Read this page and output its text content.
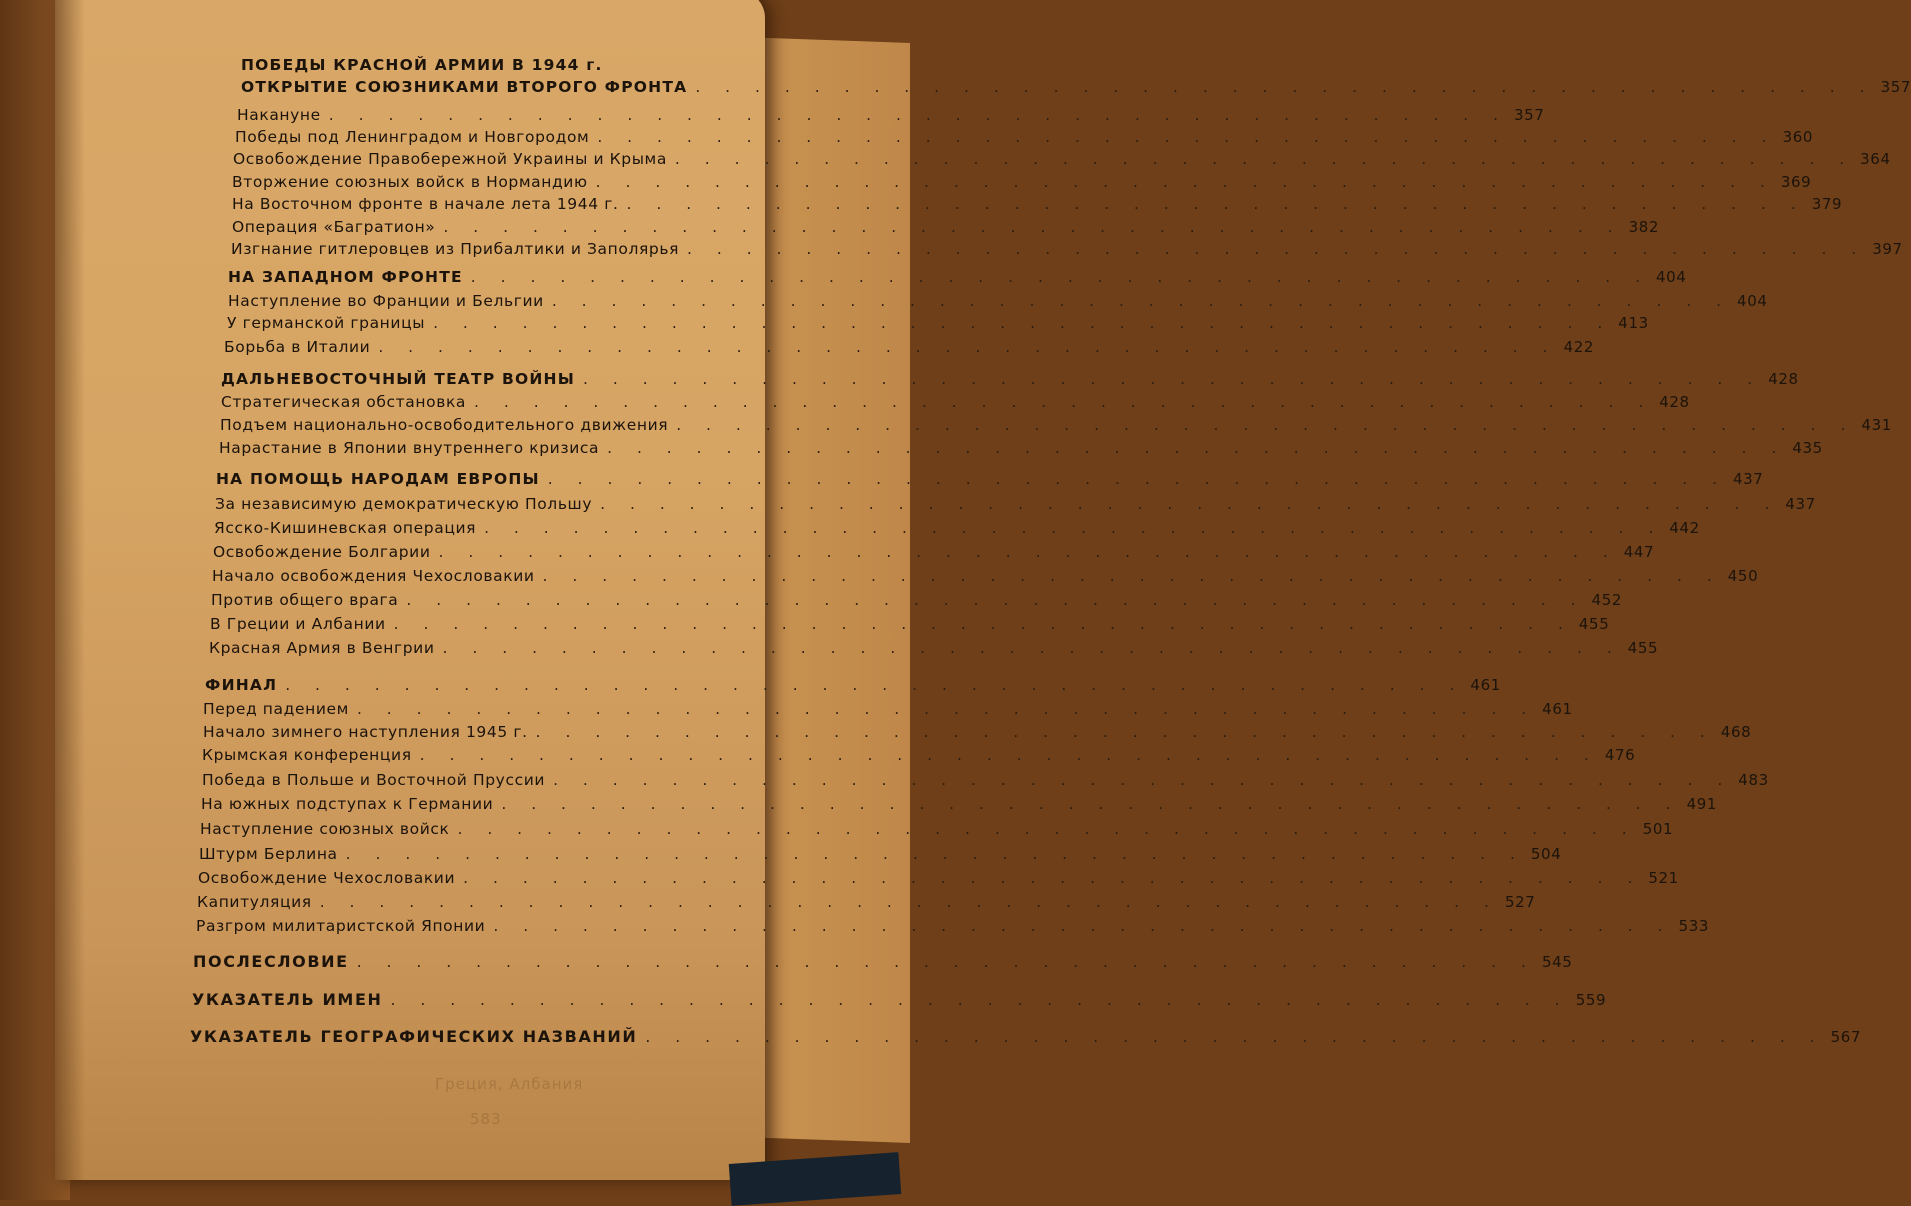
Греция, Албания
583
ПОБЕДЫ КРАСНОЙ АРМИИ В 1944 г.
ОТКРЫТИЕ СОЮЗНИКАМИ ВТОРОГО ФРОНТА . . . . . . . . . . . . . . . . . . . . . . . . . . . . . . . . . . . . . . . . 357
Накануне . . . . . . . . . . . . . . . . . . . . . . . . . . . . . . . . . . . . . . . . 357
Победы под Ленинградом и Новгородом . . . . . . . . . . . . . . . . . . . . . . . . . . . . . . . . . . . . . . . . 360
Освобождение Правобережной Украины и Крыма . . . . . . . . . . . . . . . . . . . . . . . . . . . . . . . . . . . . . . . . 364
Вторжение союзных войск в Нормандию . . . . . . . . . . . . . . . . . . . . . . . . . . . . . . . . . . . . . . . . 369
На Восточном фронте в начале лета 1944 г. . . . . . . . . . . . . . . . . . . . . . . . . . . . . . . . . . . . . . . . . 379
Операция «Багратион» . . . . . . . . . . . . . . . . . . . . . . . . . . . . . . . . . . . . . . . . 382
Изгнание гитлеровцев из Прибалтики и Заполярья . . . . . . . . . . . . . . . . . . . . . . . . . . . . . . . . . . . . . . . . 397
НА ЗАПАДНОМ ФРОНТЕ . . . . . . . . . . . . . . . . . . . . . . . . . . . . . . . . . . . . . . . . 404
Наступление во Франции и Бельгии . . . . . . . . . . . . . . . . . . . . . . . . . . . . . . . . . . . . . . . . 404
У германской границы . . . . . . . . . . . . . . . . . . . . . . . . . . . . . . . . . . . . . . . . 413
Борьба в Италии . . . . . . . . . . . . . . . . . . . . . . . . . . . . . . . . . . . . . . . . 422
ДАЛЬНЕВОСТОЧНЫЙ ТЕАТР ВОЙНЫ . . . . . . . . . . . . . . . . . . . . . . . . . . . . . . . . . . . . . . . . 428
Стратегическая обстановка . . . . . . . . . . . . . . . . . . . . . . . . . . . . . . . . . . . . . . . . 428
Подъем национально-освободительного движения . . . . . . . . . . . . . . . . . . . . . . . . . . . . . . . . . . . . . . . . 431
Нарастание в Японии внутреннего кризиса . . . . . . . . . . . . . . . . . . . . . . . . . . . . . . . . . . . . . . . . 435
НА ПОМОЩЬ НАРОДАМ ЕВРОПЫ . . . . . . . . . . . . . . . . . . . . . . . . . . . . . . . . . . . . . . . . 437
За независимую демократическую Польшу . . . . . . . . . . . . . . . . . . . . . . . . . . . . . . . . . . . . . . . . 437
Ясско-Кишиневская операция . . . . . . . . . . . . . . . . . . . . . . . . . . . . . . . . . . . . . . . . 442
Освобождение Болгарии . . . . . . . . . . . . . . . . . . . . . . . . . . . . . . . . . . . . . . . . 447
Начало освобождения Чехословакии . . . . . . . . . . . . . . . . . . . . . . . . . . . . . . . . . . . . . . . . 450
Против общего врага . . . . . . . . . . . . . . . . . . . . . . . . . . . . . . . . . . . . . . . . 452
В Греции и Албании . . . . . . . . . . . . . . . . . . . . . . . . . . . . . . . . . . . . . . . . 455
Красная Армия в Венгрии . . . . . . . . . . . . . . . . . . . . . . . . . . . . . . . . . . . . . . . . 455
ФИНАЛ . . . . . . . . . . . . . . . . . . . . . . . . . . . . . . . . . . . . . . . . 461
Перед падением . . . . . . . . . . . . . . . . . . . . . . . . . . . . . . . . . . . . . . . . 461
Начало зимнего наступления 1945 г. . . . . . . . . . . . . . . . . . . . . . . . . . . . . . . . . . . . . . . . . 468
Крымская конференция . . . . . . . . . . . . . . . . . . . . . . . . . . . . . . . . . . . . . . . . 476
Победа в Польше и Восточной Пруссии . . . . . . . . . . . . . . . . . . . . . . . . . . . . . . . . . . . . . . . . 483
На южных подступах к Германии . . . . . . . . . . . . . . . . . . . . . . . . . . . . . . . . . . . . . . . . 491
Наступление союзных войск . . . . . . . . . . . . . . . . . . . . . . . . . . . . . . . . . . . . . . . . 501
Штурм Берлина . . . . . . . . . . . . . . . . . . . . . . . . . . . . . . . . . . . . . . . . 504
Освобождение Чехословакии . . . . . . . . . . . . . . . . . . . . . . . . . . . . . . . . . . . . . . . . 521
Капитуляция . . . . . . . . . . . . . . . . . . . . . . . . . . . . . . . . . . . . . . . . 527
Разгром милитаристской Японии . . . . . . . . . . . . . . . . . . . . . . . . . . . . . . . . . . . . . . . . 533
ПОСЛЕСЛОВИЕ . . . . . . . . . . . . . . . . . . . . . . . . . . . . . . . . . . . . . . . . 545
УКАЗАТЕЛЬ ИМЕН . . . . . . . . . . . . . . . . . . . . . . . . . . . . . . . . . . . . . . . . 559
УКАЗАТЕЛЬ ГЕОГРАФИЧЕСКИХ НАЗВАНИЙ . . . . . . . . . . . . . . . . . . . . . . . . . . . . . . . . . . . . . . . . 567
